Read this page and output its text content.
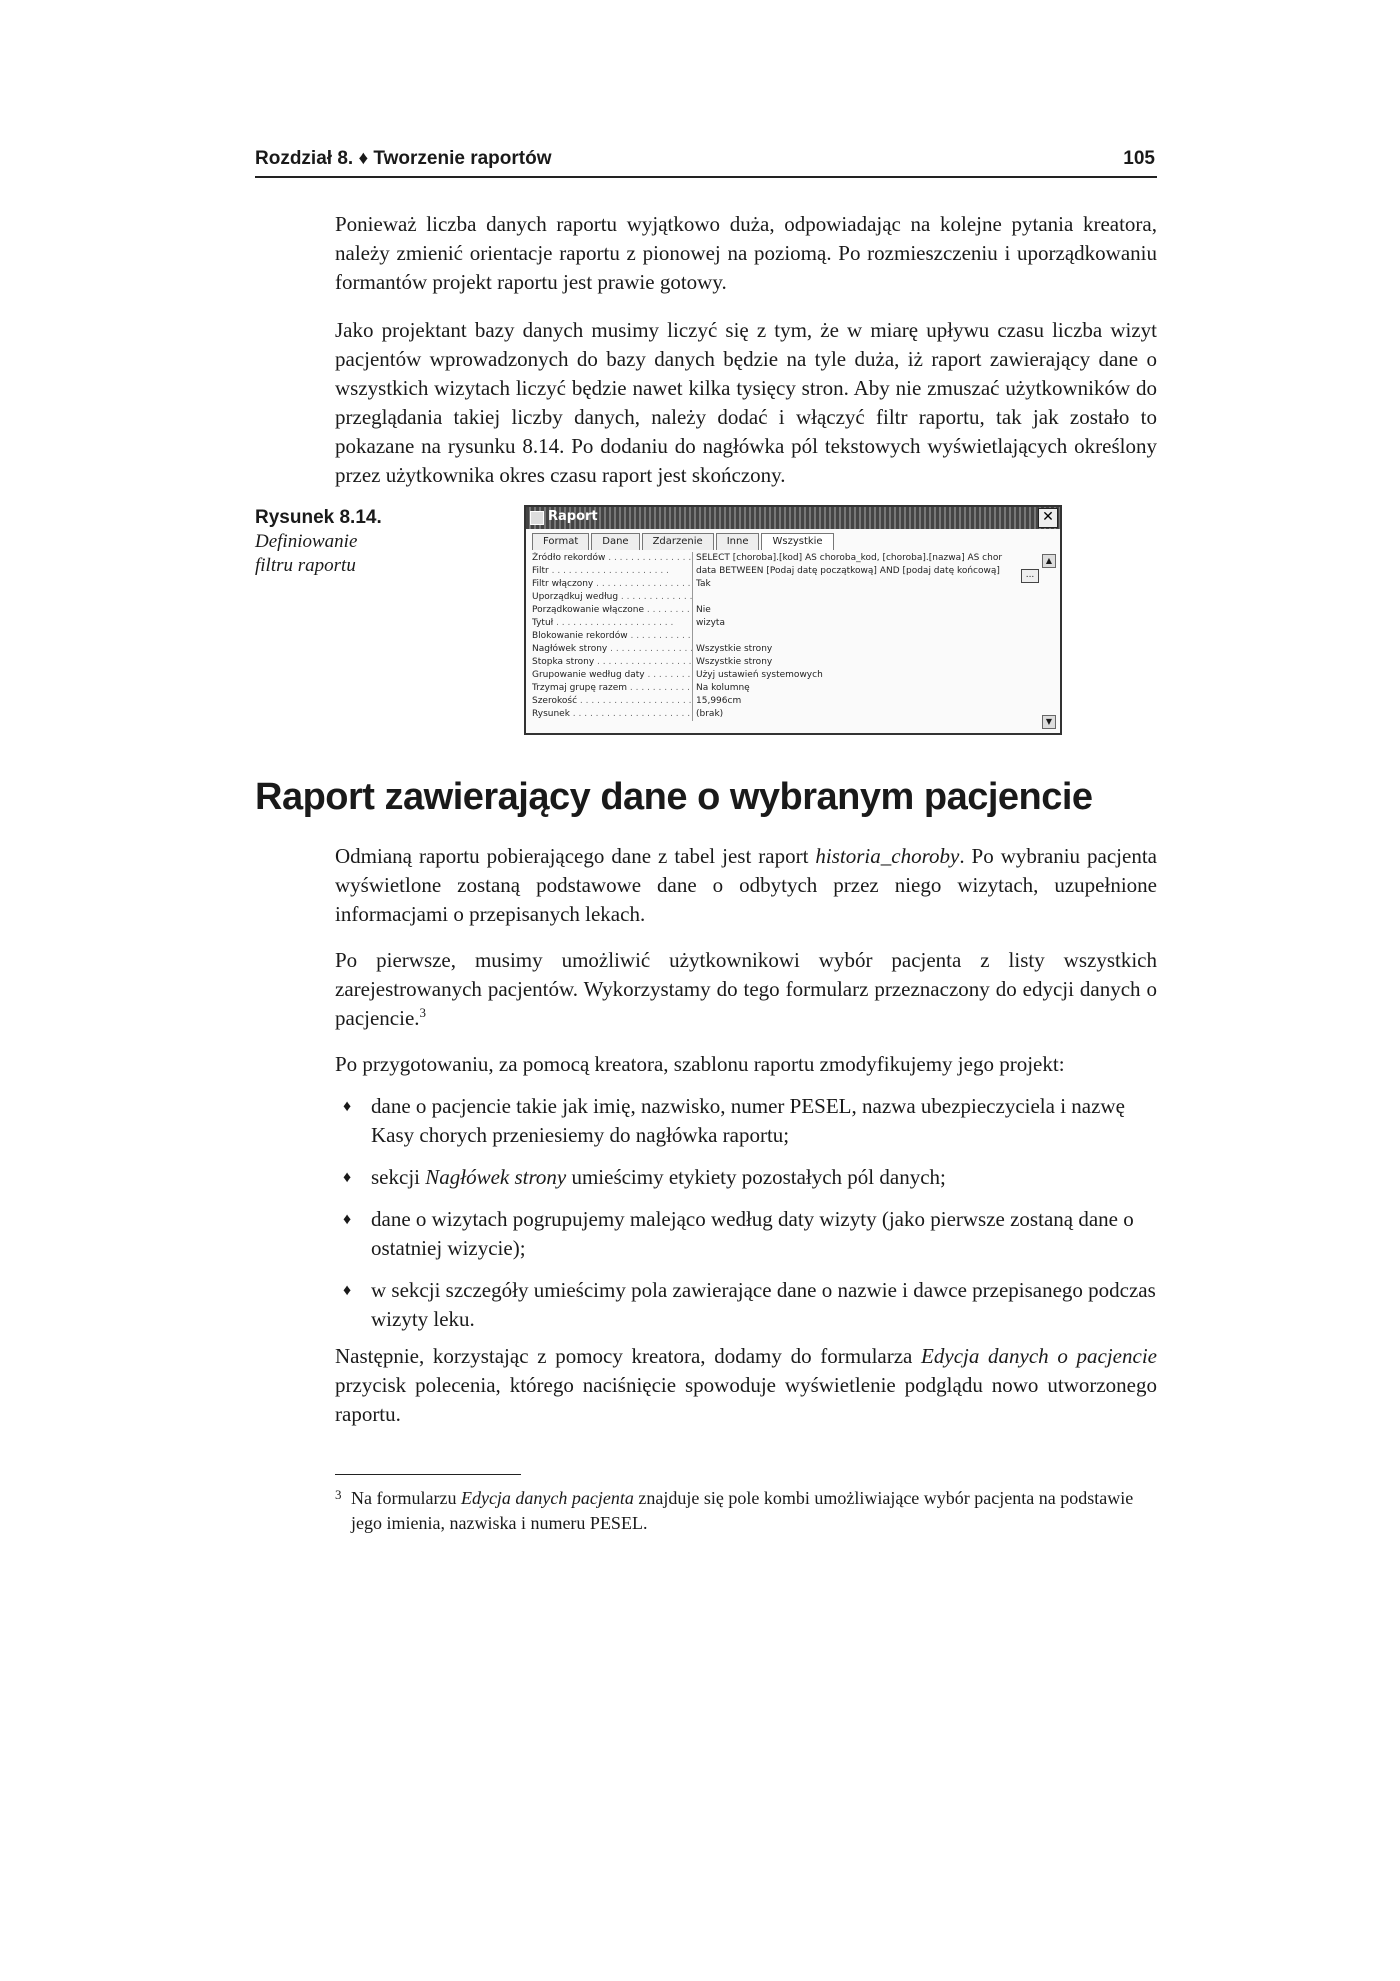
Rozdział 8. ♦ Tworzenie raportów	105

Ponieważ liczba danych raportu wyjątkowo duża, odpowiadając na kolejne pytania kreatora, należy zmienić orientacje raportu z pionowej na poziomą. Po rozmieszczeniu i uporządkowaniu formantów projekt raportu jest prawie gotowy.

Jako projektant bazy danych musimy liczyć się z tym, że w miarę upływu czasu liczba wizyt pacjentów wprowadzonych do bazy danych będzie na tyle duża, iż raport zawierający dane o wszystkich wizytach liczyć będzie nawet kilka tysięcy stron. Aby nie zmuszać użytkowników do przeglądania takiej liczby danych, należy dodać i włączyć filtr raportu, tak jak zostało to pokazane na rysunku 8.14. Po dodaniu do nagłówka pól tekstowych wyświetlających określony przez użytkownika okres czasu raport jest skończony.

Rysunek 8.14.
Definiowanie
filtru raportu
Raport	✕
Format	Dane	Zdarzenie	Inne	Wszystkie
Źródło rekordów . . .	SELECT [choroba].[kod] AS choroba_kod, [choroba].[nazwa] AS chor
Filtr . . .	data BETWEEN [Podaj datę początkową] AND [podaj datę końcową]
Filtr włączony . . .	Tak
Uporządkuj według . . .
Porządkowanie włączone . . .	Nie
Tytuł . . .	wizyta
Blokowanie rekordów . . .
Nagłówek strony . . .	Wszystkie strony
Stopka strony . . .	Wszystkie strony
Grupowanie według daty . . .	Użyj ustawień systemowych
Trzymaj grupę razem . . .	Na kolumnę
Szerokość . . .	15,996cm
Rysunek . . .	(brak)
...
▲
▼
Raport zawierający dane o wybranym pacjencie

Odmianą raportu pobierającego dane z tabel jest raport historia_choroby. Po wybraniu pacjenta wyświetlone zostaną podstawowe dane o odbytych przez niego wizytach, uzupełnione informacjami o przepisanych lekach.

Po pierwsze, musimy umożliwić użytkownikowi wybór pacjenta z listy wszystkich zarejestrowanych pacjentów. Wykorzystamy do tego formularz przeznaczony do edycji danych o pacjencie.$^3$

Po przygotowaniu, za pomocą kreatora, szablonu raportu zmodyfikujemy jego projekt:

♦ dane o pacjencie takie jak imię, nazwisko, numer PESEL, nazwa ubezpieczyciela i nazwę Kasy chorych przeniesiemy do nagłówka raportu;
♦ sekcji Nagłówek strony umieścimy etykiety pozostałych pól danych;
♦ dane o wizytach pogrupujemy malejąco według daty wizyty (jako pierwsze zostaną dane o ostatniej wizycie);
♦ w sekcji szczegóły umieścimy pola zawierające dane o nazwie i dawce przepisanego podczas wizyty leku.

Następnie, korzystając z pomocy kreatora, dodamy do formularza Edycja danych o pacjencie przycisk polecenia, którego naciśnięcie spowoduje wyświetlenie podglądu nowo utworzonego raportu.

3 Na formularzu Edycja danych pacjenta znajduje się pole kombi umożliwiające wybór pacjenta na podstawie jego imienia, nazwiska i numeru PESEL.
